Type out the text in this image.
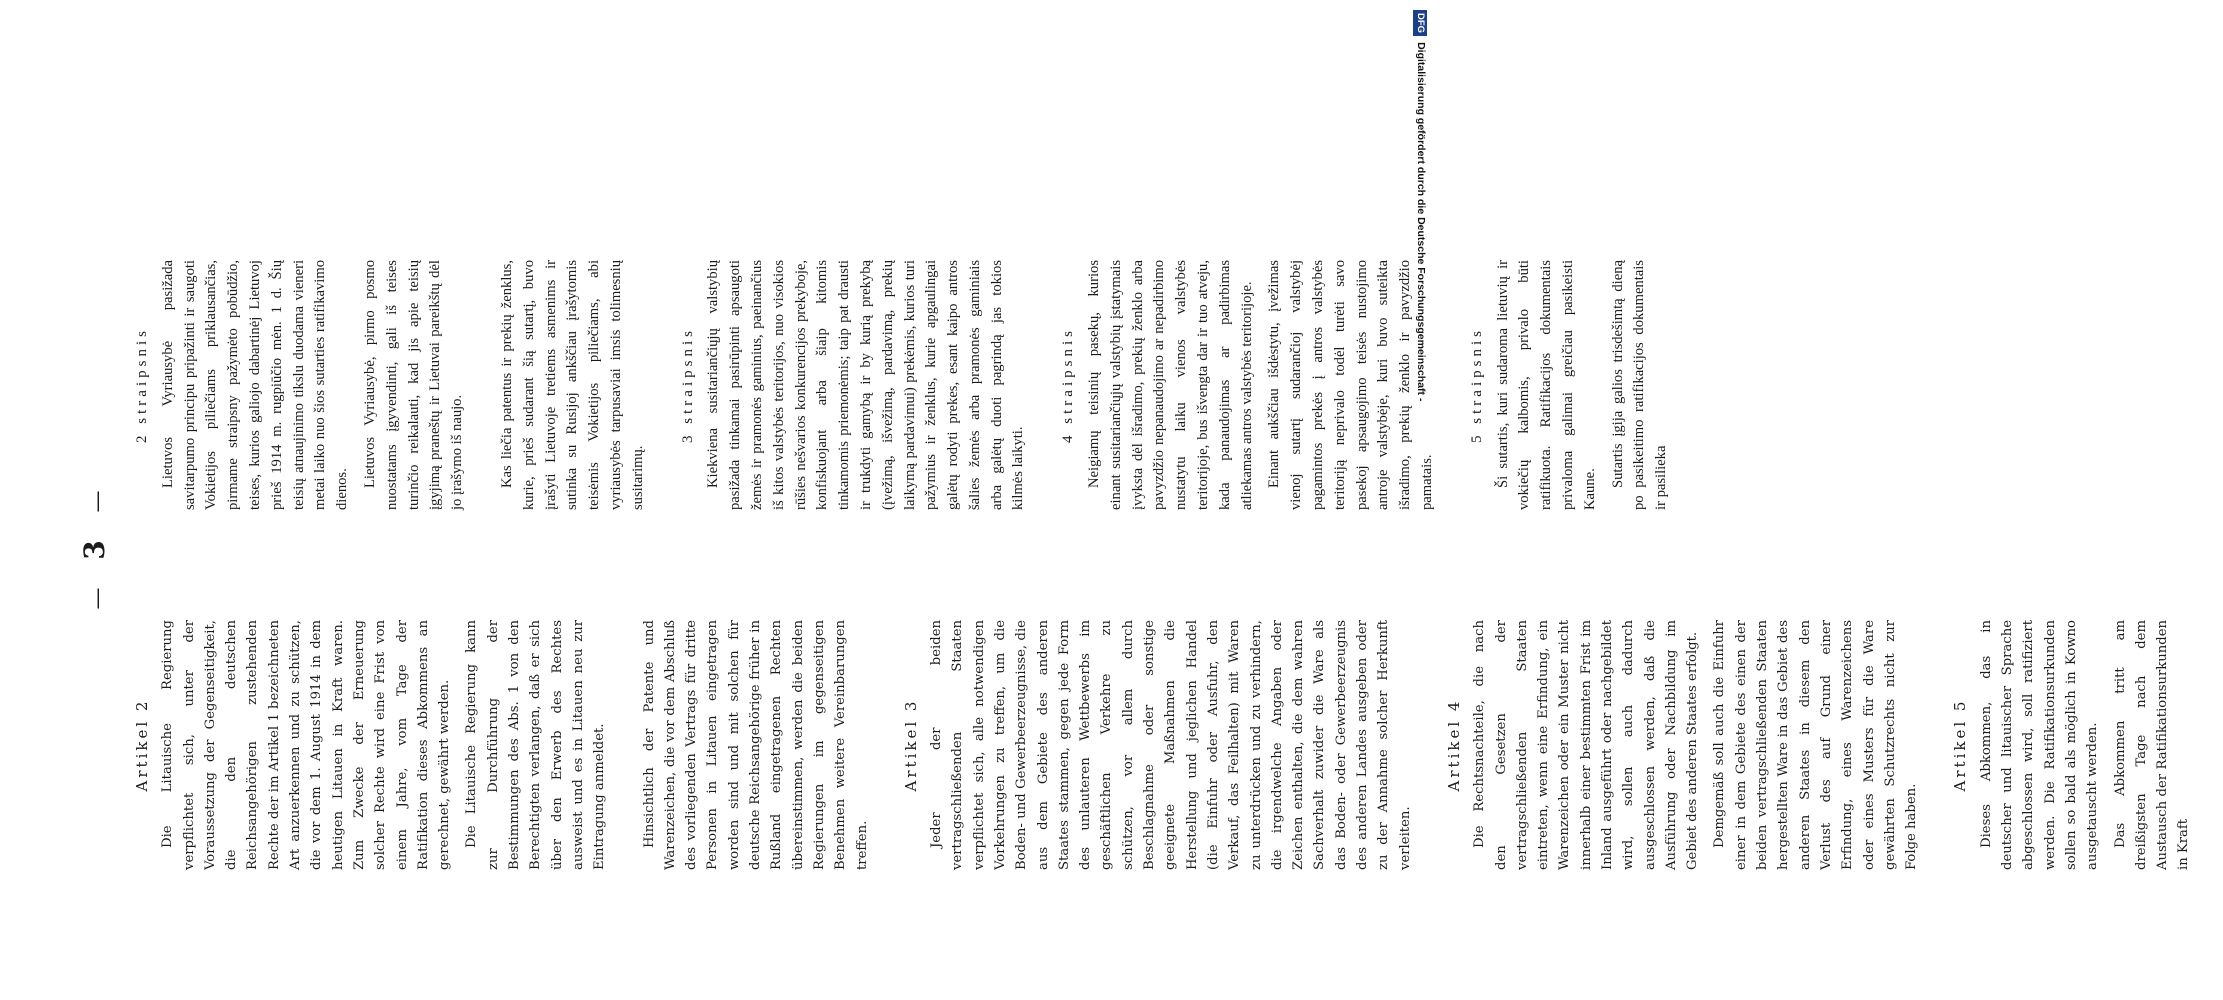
— 3 —
Artikel 2 Die Litauische Regierung verpflichtet sich, unter der Voraussetzung der Gegenseitigkeit, die den deutschen Reichsangehörigen zustehenden Rechte der im Artikel 1 bezeichneten Art anzuerkennen und zu schützen, die vor dem 1. August 1914 in dem heutigen Litauen in Kraft waren. Zum Zwecke der Erneuerung solcher Rechte wird eine Frist von einem Jahre, vom Tage der Ratifikation dieses Abkommens an gerechnet, gewährt werden. Die Litauische Regierung kann zur Durchführung der Bestimmungen des Abs. 1 von den Berechtigten verlangen, daß er sich über den Erwerb des Rechtes ausweist und es in Litauen neu zur Eintragung anmeldet.	Hinsichtlich der Patente und Warenzeichen, die vor dem Abschluß des vorliegenden Vertrags für dritte Personen in Litauen eingetragen worden sind und mit solchen für deutsche Reichsangehörige früher in Rußland eingetragenen Rechten übereinstimmen, werden die beiden Regierungen im gegenseitigen Benehmen weitere Vereinbarungen treffen.

Artikel 3 Jeder der beiden vertragschließenden Staaten verpflichtet sich, alle notwendigen Vorkehrungen zu treffen, um die Boden- und Gewerbeerzeugnisse, die aus dem Gebiete des anderen Staates stammen, gegen jede Form des unlauteren Wettbewerbs im geschäftlichen Verkehre zu schützen, vor allem durch Beschlagnahme oder sonstige geeignete Maßnahmen die Herstellung und jeglichen Handel (die Einfuhr oder Ausfuhr, den Verkauf, das Feilhalten) mit Waren zu unterdrücken und zu verhindern, die irgendwelche Angaben oder Zeichen enthalten, die dem wahren Sachverhalt zuwider die Ware als das Boden- oder Gewerbeerzeugnis des anderen Landes ausgeben oder zu der Annahme solcher Herkunft verleiten.

Artikel 4 Die Rechtsnachteile, die nach den Gesetzen der vertragschließenden Staaten eintreten, wenn eine Erfindung, ein Warenzeichen oder ein Muster nicht innerhalb einer bestimmten Frist im Inland ausgeführt oder nachgebildet wird, sollen auch dadurch ausgeschlossen werden, daß die Ausführung oder Nachbildung im Gebiet des anderen Staates erfolgt. Demgemäß soll auch die Einfuhr einer in dem Gebiete des einen der beiden vertragschließenden Staaten hergestellten Ware in das Gebiet des anderen Staates in diesem den Verlust des auf Grund einer Erfindung, eines Warenzeichens oder eines Musters für die Ware gewährten Schutzrechts nicht zur Folge haben.

Artikel 5 Dieses Abkommen, das in deutscher und litauischer Sprache abgeschlossen wird, soll ratifiziert werden. Die Ratifikationsurkunden sollen so bald als möglich in Kowno ausgetauscht werden. Das Abkommen tritt am dreißigsten Tage nach dem Austausch der Ratifikationsurkunden in Kraft

2 straipsnis Lietuvos Vyriausybė pasižada savitarpumo principu pripažinti ir saugoti Vokietijos piliečiams priklausančias, pirmame straipsny pažymėto pobūdžio, teises, kurios galiojo dabartinėj Lietuvoj prieš 1914 m. rugpiūčio mėn. 1 d. Šių teisių atnaujinimo tikslu duodama vieneri metai laiko nuo šios sutarties ratifikavimo dienos.

Lietuvos Vyriausybė, pirmo posmo nuostatams įgyvendinti, gali iš teises turinčio reikalauti, kad jis apie teisių įgyjimą praneštų ir Lietuvai pareikštų dėl jo įrašymo iš naujo. Kas liečia patentus ir prekių ženklus, kurie, prieš sudarant šią sutartį, buvo įrašyti Lietuvoje tretiems asmenims ir sutinka su Rusijoj ankščiau įrašytomis teisėmis Vokietijos piliečiams, abi vyriausybės tarpusaviai imsis tolimesnių susitarimų.

3 straipsnis Kiekviena susitariančiųjų valstybių pasižada tinkamai pasirūpinti apsaugoti žemės ir pramonės gaminius, paeinančius iš kitos valstybės teritorijos, nuo visokios rūšies nešvarios konkurencijos prekyboje, konfiskuojant arba šiaip kitomis tinkamomis priemonėmis; taip pat drausti ir trukdyti gamybą ir by kurią prekybą (įvežimą, išvežimą, pardavimą, prekių laikymą pardavimui) prekėmis, kurios turi pažymius ir ženklus, kurie apgaulingai galėtų rodyti prekes, esant kaipo antros šalies žemės arba pramonės gaminiais arba galėtų duoti pagrindą jas tokios kilmės laikyti.

4 straipsnis Neigiamų teisinių pasekų, kurios einant susitariančiųjų valstybių įstatymais įvyksta dėl išradimo, prekių ženklo arba pavyzdžio nepanaudojimo ar nepadirbimo nustatytu laiku vienos valstybės teritorijoje, bus išvengta dar ir tuo atveju, kada panaudojimas ar padirbimas atliekamas antros valstybės teritorijoje. Einant aukščiau išdėstytu, įvežimas vienoj sutartį sudarančioj valstybėj pagamintos prekės į antros valstybės teritoriją neprivalo todėl turėti savo pasekoj apsaugojimo teisės nustojimo antroje valstybėje, kuri buvo suteikta išradimo, prekių ženklo ir pavyzdžio pamatais.

5 straipsnis Ši sutartis, kuri sudaroma lietuvių ir vokiečių kalbomis, privalo būti ratifikuota. Ratifikacijos dokumentais privaloma galimai greičiau pasikeisti Kaune.

Sutartis įgija galios trisdešimtą dieną po pasikeitimo ratifikacijos dokumentais ir pasilieka

DFGDigitalisierung gefördert durch die Deutsche Forschungsgemeinschaft -
